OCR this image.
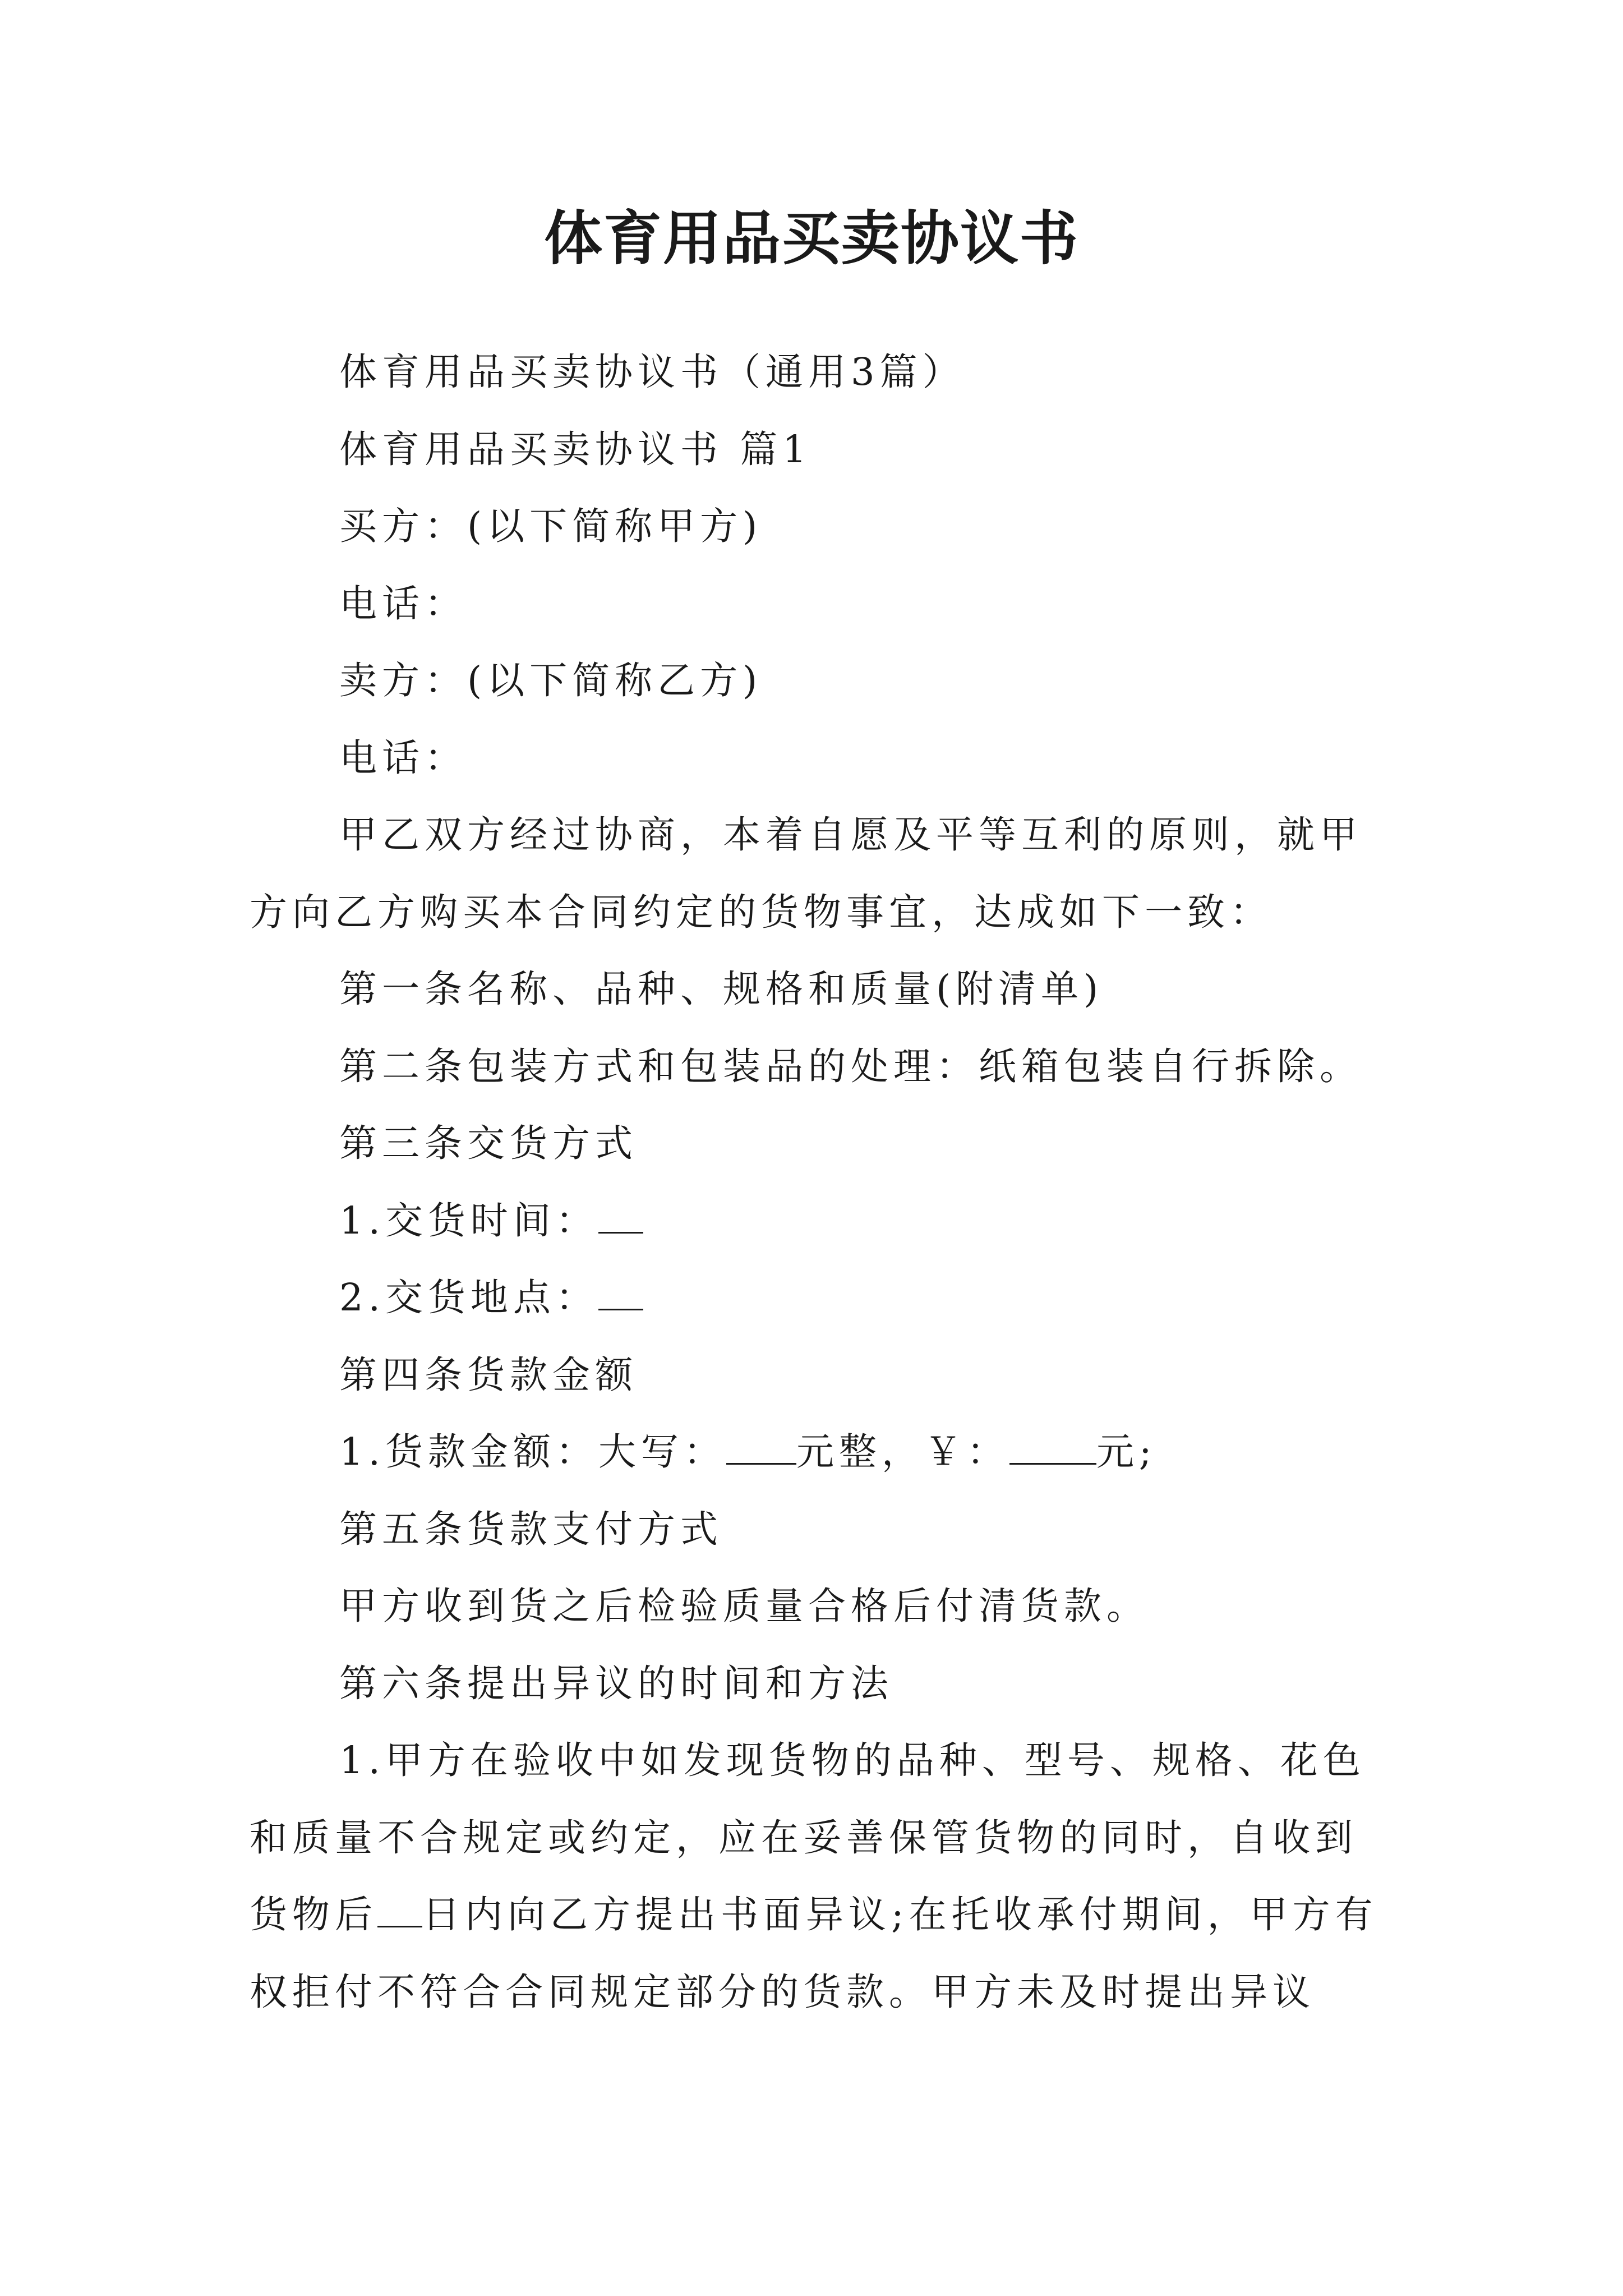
体育用品买卖协议书

体育用品买卖协议书（通用3篇）

体育用品买卖协议书 篇1

买方：(以下简称甲方)

电话：

卖方：(以下简称乙方)

电话：

甲乙双方经过协商，本着自愿及平等互利的原则，就甲方向乙方购买本合同约定的货物事宜，达成如下一致：

第一条名称、品种、规格和质量(附清单)

第二条包装方式和包装品的处理：纸箱包装自行拆除。

第三条交货方式

1.交货时间：

2.交货地点：

第四条货款金额

1.货款金额：大写： 元整，￥： 元;

第五条货款支付方式

甲方收到货之后检验质量合格后付清货款。

第六条提出异议的时间和方法

1.甲方在验收中如发现货物的品种、型号、规格、花色和质量不合规定或约定，应在妥善保管货物的同时，自收到货物后 日内向乙方提出书面异议;在托收承付期间，甲方有权拒付不符合合同规定部分的货款。甲方未及时提出异议
